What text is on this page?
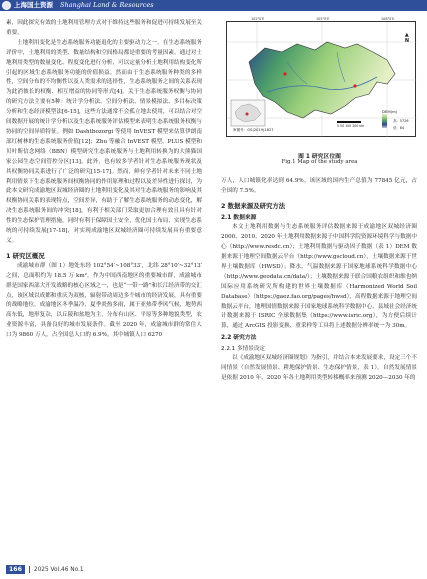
上海国土资源 Shanghai Land & Resources

素，因此探究有效的土地利用管理方式对于维持这些服务和促进可持续发展至关重要。

土地利用变化是生态系统服务功能退化的主要驱动力之一。在生态系统服务评价中，土地利用的类型、数量结构和空间格局都是重要的考量因素。通过对土地利用类型的数量变化、程度变化进行分析，可以定量分析土地利用结构变化所引起的区域生态系统服务功能的价值损益。然而由于生态系统服务种类的多样性，空间分布的不均衡性以及人类需求的选择性，生态系统服务之间的关系表现为此消彼长的权衡、相互增益的协同等形式[4]。关于生态系统服务权衡与协同的研究方法主要有5种：统计学分析法、空间分析法、情景模拟法、多目标决策分析和生态经济模型法[6-15]，这些方法通常不会孤立地去使用，可以结合对空间数据开展的统计学分析以及生态系统服务评估模型来表明生态系统服务权衡与协同的空间异质特征。例如 Dashtbozorgi 等使用 InVEST 模型来估算伊朗南部红树林的生态系统服务价值[12]；Zhu 等融合 InVEST 模型、PLUS 模型和贝叶斯信念网络（BBN）模型研究生态系统服务与土地利用转换为的大熊猫国家公园生态空间管控分区[13]。此外，也有较多学者针对生态系统服务现状及其权衡协同关系进行了广泛的研究[15-17]。然而，鲜有学者针对未来不同土地利用情景下生态系统服务间权衡协同的作用原理和过程以及差异性进行探讨，为此本文研究成渝地区双城经济圈的土地利用变化及其对生态系统服务的影响及其权衡协同关系的表现特点，空间差异，有助于了解生态系统服务的动态变化，解决生态系统服务间的冲突[18]，有利于相关部门采取更加合理有效且具有针对性的生态保护管理措施，同时有利于保障国土安全，优化国土布局，实现生态系统的可持续发展[17-18]，对实现成渝地区双城经济圈可持续发展具有重要意义。

1 研究区概况

成渝城市群（图 1）地处东经 102°54′~108°33′，北纬 28°10′~32°13′ 之间，总面积约为 18.5 万 km²。作为中国西南地区的重要城市群，成渝城市群是国家西部大开发战略的核心区域之一，也是“一带一路”和长江经济带的交汇点，该区域以成都和重庆为双核，辐射带动周边多个城市的经济发展，具有重要的战略地位。成渝地区冬季温冷、夏季炎热多雨，属于亚热带季风气候，地势西高东低，地形复杂，以丘陵和盆地为主，分布有山区、平原等多种地貌类型，农业资源丰富，具备良好的城市发展条件。截至 2020 年，成渝城市群的常住人口为 9860 万人，占全国总人口的 6.9%。其中城镇人口 6270

102°0′E	105°0′E	108°0′E
▲
N
0 50 100 200 km
DEM(m)

高：5726
低：84
审图号：GS(2019)1827
图 1 研究区位图
Fig.1 Map of the study area

万人，人口城镇化率达到 64.9%。该区域的国内生产总值为 77845 亿元，占全国的 7.5%。

2 数据来源及研究方法
2.1 数据来源

本文土地利用数据与生态系统服务评估数据来源于成渝地区双城经济圈 2000、2010、2020 年土地利用数据来源于中国科学院资源环境科学与数据中心（http://www.resdc.cn）；土地利用数据与驱动因子数据（表 1）DEM 数据来源于地理空间数据云平台（http://www.gscloud.cn），土壤数据来源于世界土壤数据库（HWSD）；降水、气温数据来源于国家地球系统科学数据中心（http://www.geodata.cn/data/）；土壤数据来源于联合国粮农组织和维也纳国际应用系统研究所构建的世界土壤数据库（Harmonized World Soil Database）（https://gaez.fao.org/pages/hwsd），高程数据来源于地理空间数据云平台，地理国情数据来源于国家地球系统科学数据中心，县域社会经济统计数据来源于 ISRIC 全球数据集（https://www.isric.org），为方便后续计算，通过 ArcGIS 投影变换、重采样等工具将上述数据分辨率统一为 30m。

2.2 研究方法
2.2.1 多情景设定

以《成渝地区双城经济圈规划》为指引，并结合本来发展要求，设定三个不同情景（自然发展情景、耕地保护情景、生态保护情景，表 1）。自然发展情景是依据 2010 年、2020 年各土地利用类型转移概率来预测 2020—2030 年的

166 2025 Vol.46 No.1
